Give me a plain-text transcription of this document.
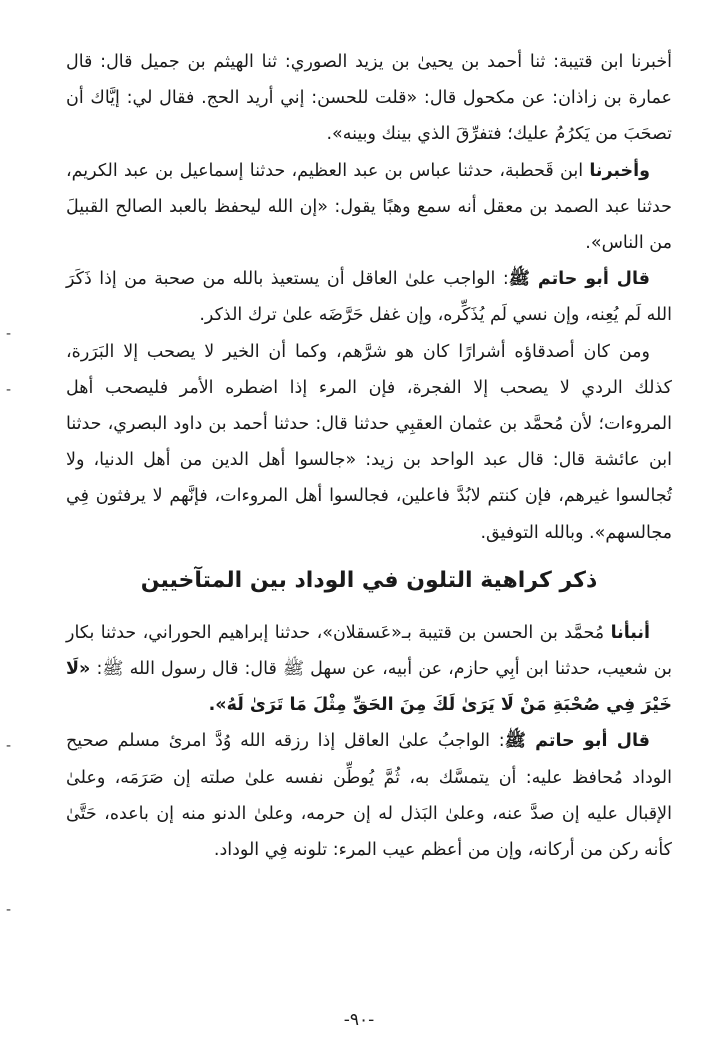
أخبرنا ابن قتيبة: ثنا أحمد بن يحيىٰ بن يزيد الصوري: ثنا الهيثم بن جميل قال: قال عمارة بن زاذان: عن مكحول قال: «قلت للحسن: إني أريد الحج. فقال لي: إيَّاك أن تصحَبَ من يَكرُمُ عليك؛ فتفرِّقَ الذي بينك وبينه».

وأخبرنا ابن قَحطبة، حدثنا عباس بن عبد العظيم، حدثنا إسماعيل بن عبد الكريم، حدثنا عبد الصمد بن معقل أنه سمع وهبًا يقول: «إن الله ليحفظ بالعبد الصالح القبيلَ من الناس».

قال أبو حاتم ﷺ: الواجب علىٰ العاقل أن يستعيذ بالله من صحبة من إذا ذَكَرَ الله لَم يُعِنه، وإن نسي لَم يُذَكِّره، وإن غفل حَرَّضَه علىٰ ترك الذكر.

ومن كان أصدقاؤه أشرارًا كان هو شرَّهم، وكما أن الخير لا يصحب إلا البَرَرة، كذلك الردي لا يصحب إلا الفجرة، فإن المرء إذا اضطره الأمر فليصحب أهل المروءات؛ لأن مُحمَّد بن عثمان العقبِي حدثنا قال: حدثنا أحمد بن داود البصري، حدثنا ابن عائشة قال: قال عبد الواحد بن زيد: «جالسوا أهل الدين من أهل الدنيا، ولا تُجالسوا غيرهم، فإن كنتم لابُدَّ فاعلين، فجالسوا أهل المروءات، فإنَّهم لا يرفثون فِي مجالسهم». وبالله التوفيق.

ذكر كراهية التلون في الوداد بين المتآخيين

أنبأنا مُحمَّد بن الحسن بن قتيبة بـ«عَسقلان»، حدثنا إبراهيم الحوراني، حدثنا بكار بن شعيب، حدثنا ابن أبِي حازم، عن أبيه، عن سهل ﷺ قال: قال رسول الله ﷺ: «لَا خَيْرَ فِي صُحْبَةِ مَنْ لَا يَرَىٰ لَكَ مِنَ الحَقِّ مِثْلَ مَا تَرَىٰ لَهُ».

قال أبو حاتم ﷺ: الواجبُ علىٰ العاقل إذا رزقه الله وُدَّ امرئ مسلم صحيح الوداد مُحافظ عليه: أن يتمسَّك به، ثُمَّ يُوطِّن نفسه علىٰ صلته إن صَرَمَه، وعلىٰ الإقبال عليه إن صدَّ عنه، وعلىٰ البَذل له إن حرمه، وعلىٰ الدنو منه إن باعده، حَتَّىٰ كأنه ركن من أركانه، وإن من أعظم عيب المرء: تلونه فِي الوداد.

-
-
-
-
-٩٠-
